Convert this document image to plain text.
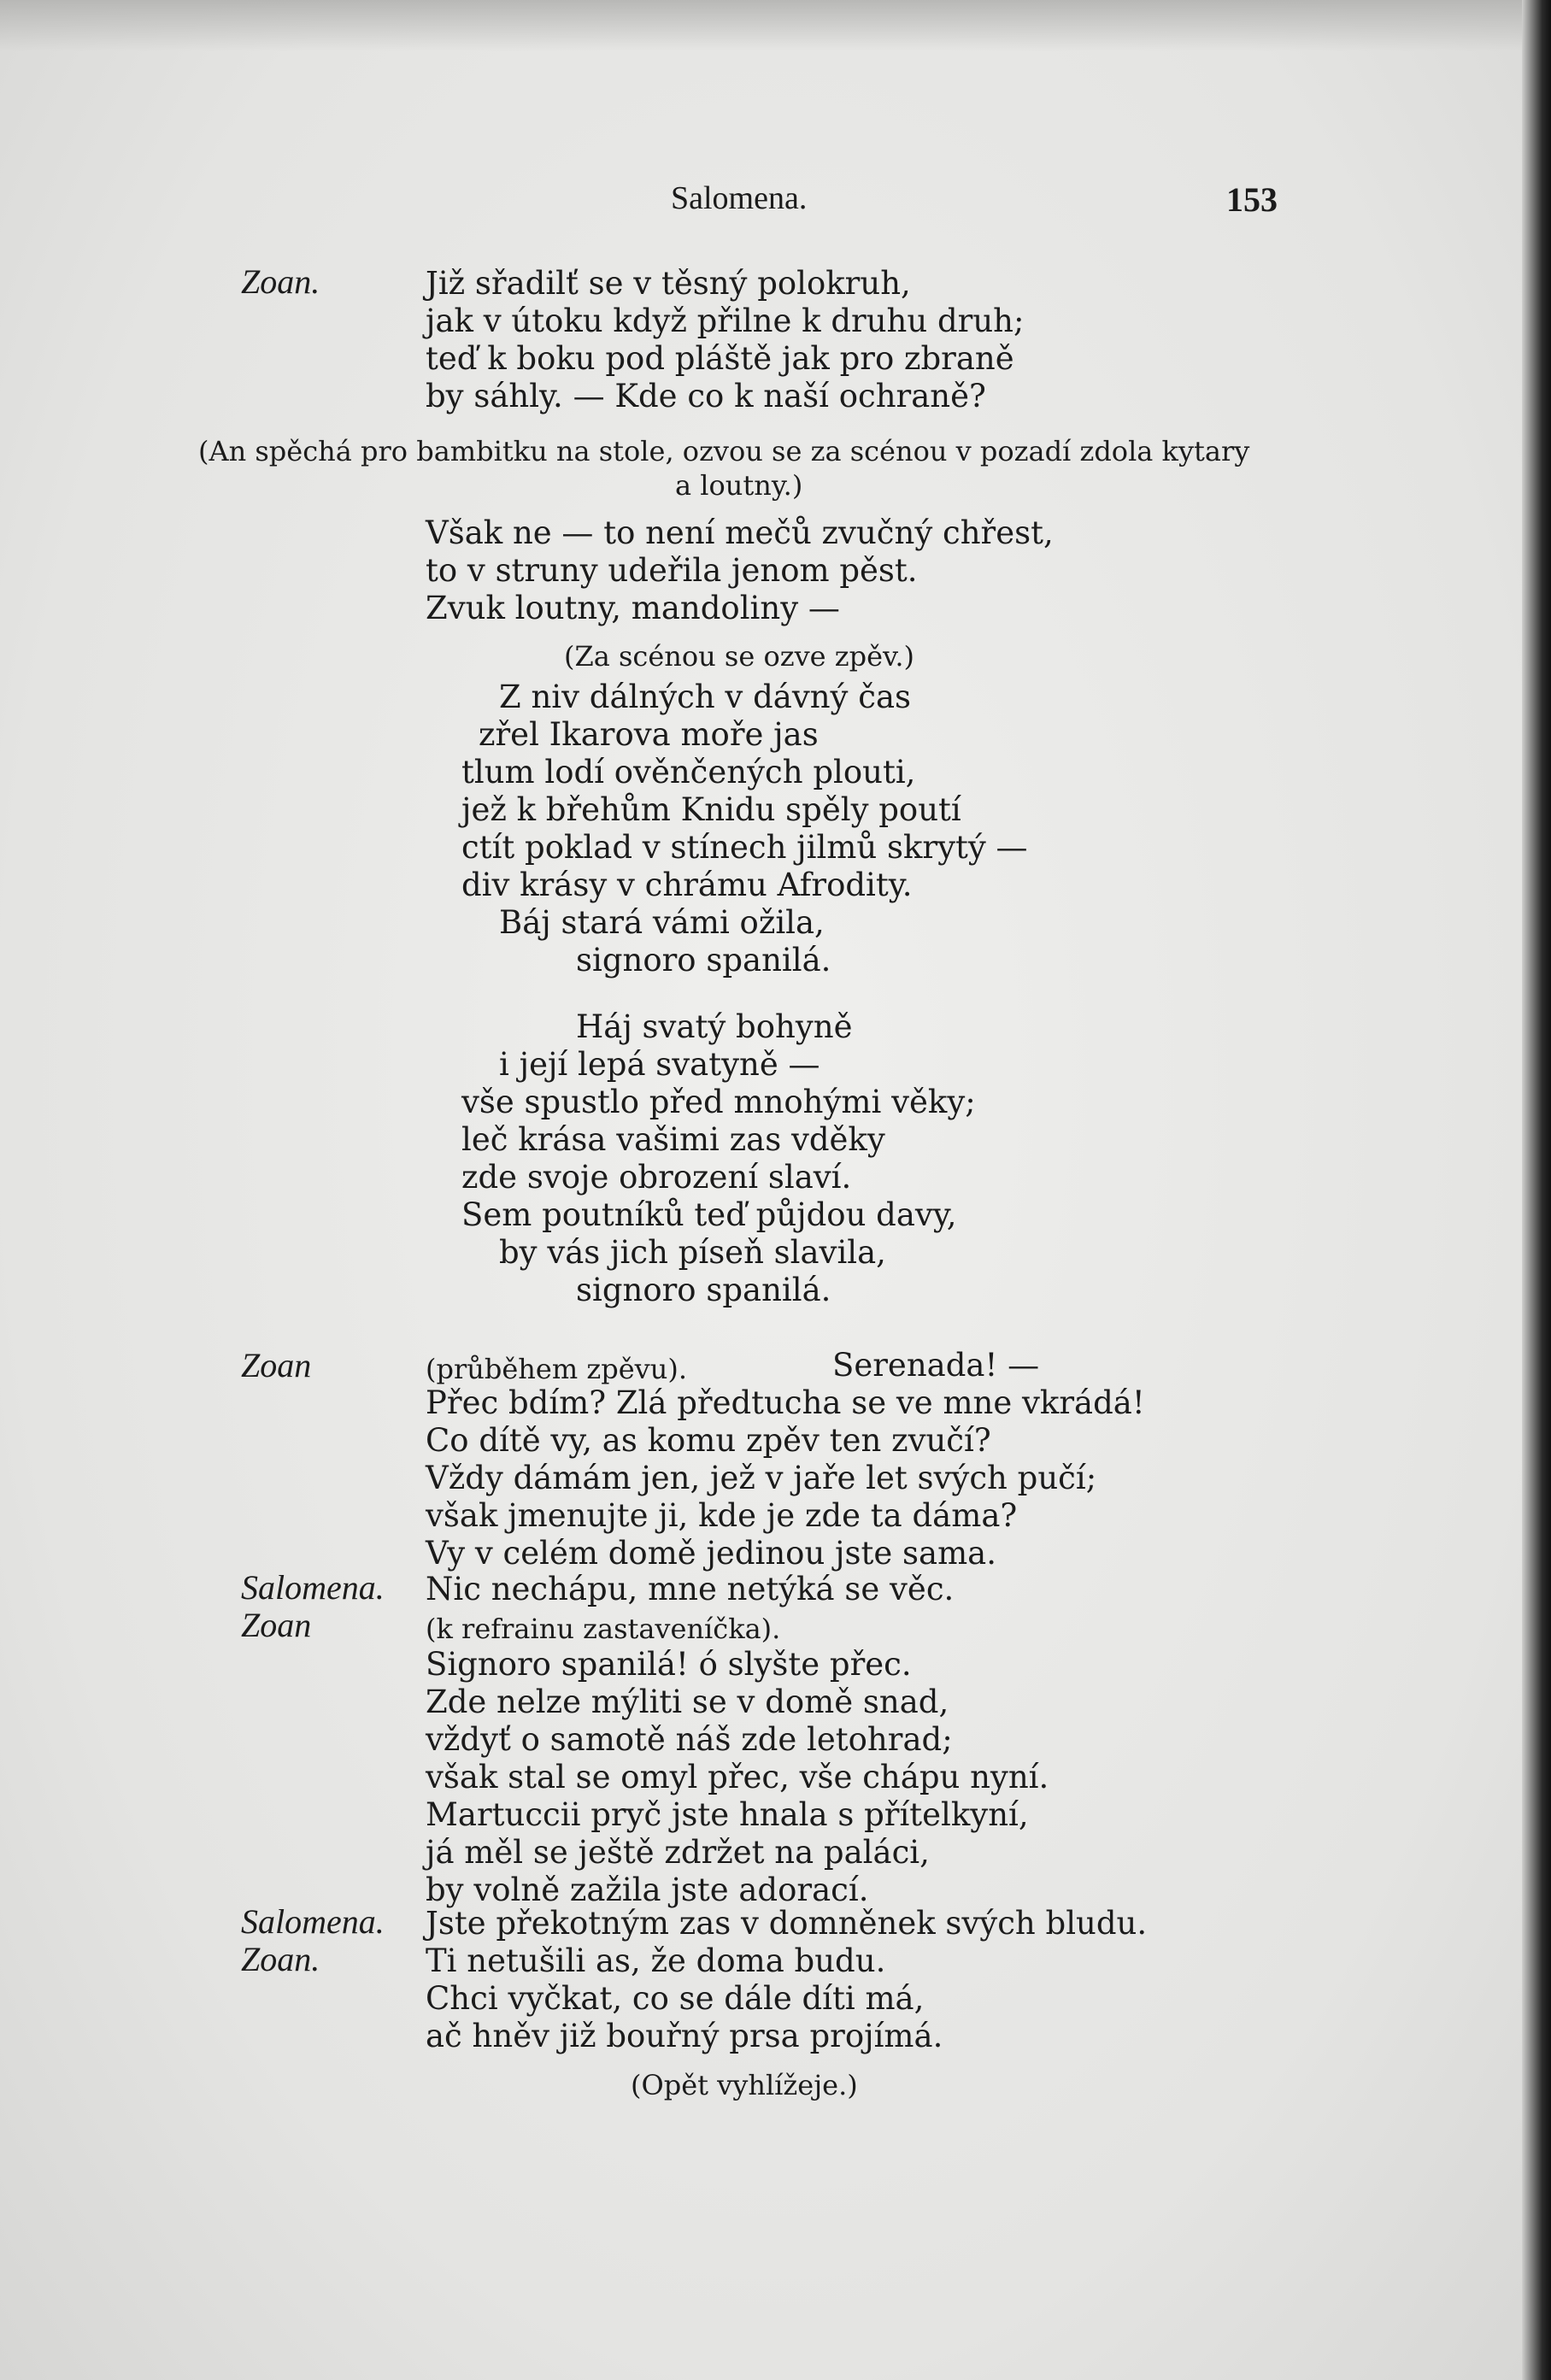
Salomena.	153
Zoan.
Zoan
Salomena.
Zoan
Salomena.
Zoan.
Již sřadilť se v těsný polokruh,
jak v útoku když přilne k druhu druh;
teď k boku pod pláště jak pro zbraně
by sáhly. — Kde co k naší ochraně?
(An spěchá pro bambitku na stole, ozvou se za scénou v pozadí zdola kytary
a loutny.)
Však ne — to není mečů zvučný chřest,
to v struny udeřila jenom pěst.
Zvuk loutny, mandoliny —
(Za scénou se ozve zpěv.)
Z niv dálných v dávný čas
zřel Ikarova moře jas
tlum lodí ověnčených plouti,
jež k břehům Knidu spěly poutí
ctít poklad v stínech jilmů skrytý —
div krásy v chrámu Afrodity.
Báj stará vámi ožila,
signoro spanilá.
Háj svatý bohyně
i její lepá svatyně —
vše spustlo před mnohými věky;
leč krása vašimi zas vděky
zde svoje obrození slaví.
Sem poutníků teď půjdou davy,
by vás jich píseň slavila,
signoro spanilá.
(průběhem zpěvu).	Serenada! —
Přec bdím? Zlá předtucha se ve mne vkrádá!
Co dítě vy, as komu zpěv ten zvučí?
Vždy dámám jen, jež v jaře let svých pučí;
však jmenujte ji, kde je zde ta dáma?
Vy v celém domě jedinou jste sama.
Nic nechápu, mne netýká se věc.
(k refrainu zastaveníčka).
Signoro spanilá! ó slyšte přec.
Zde nelze mýliti se v domě snad,
vždyť o samotě náš zde letohrad;
však stal se omyl přec, vše chápu nyní.
Martuccii pryč jste hnala s přítelkyní,
já měl se ještě zdržet na paláci,
by volně zažila jste adorací.
Jste překotným zas v domněnek svých bludu.
Ti netušili as, že doma budu.
Chci vyčkat, co se dále díti má,
ač hněv již bouřný prsa projímá.
(Opět vyhlížeje.)
